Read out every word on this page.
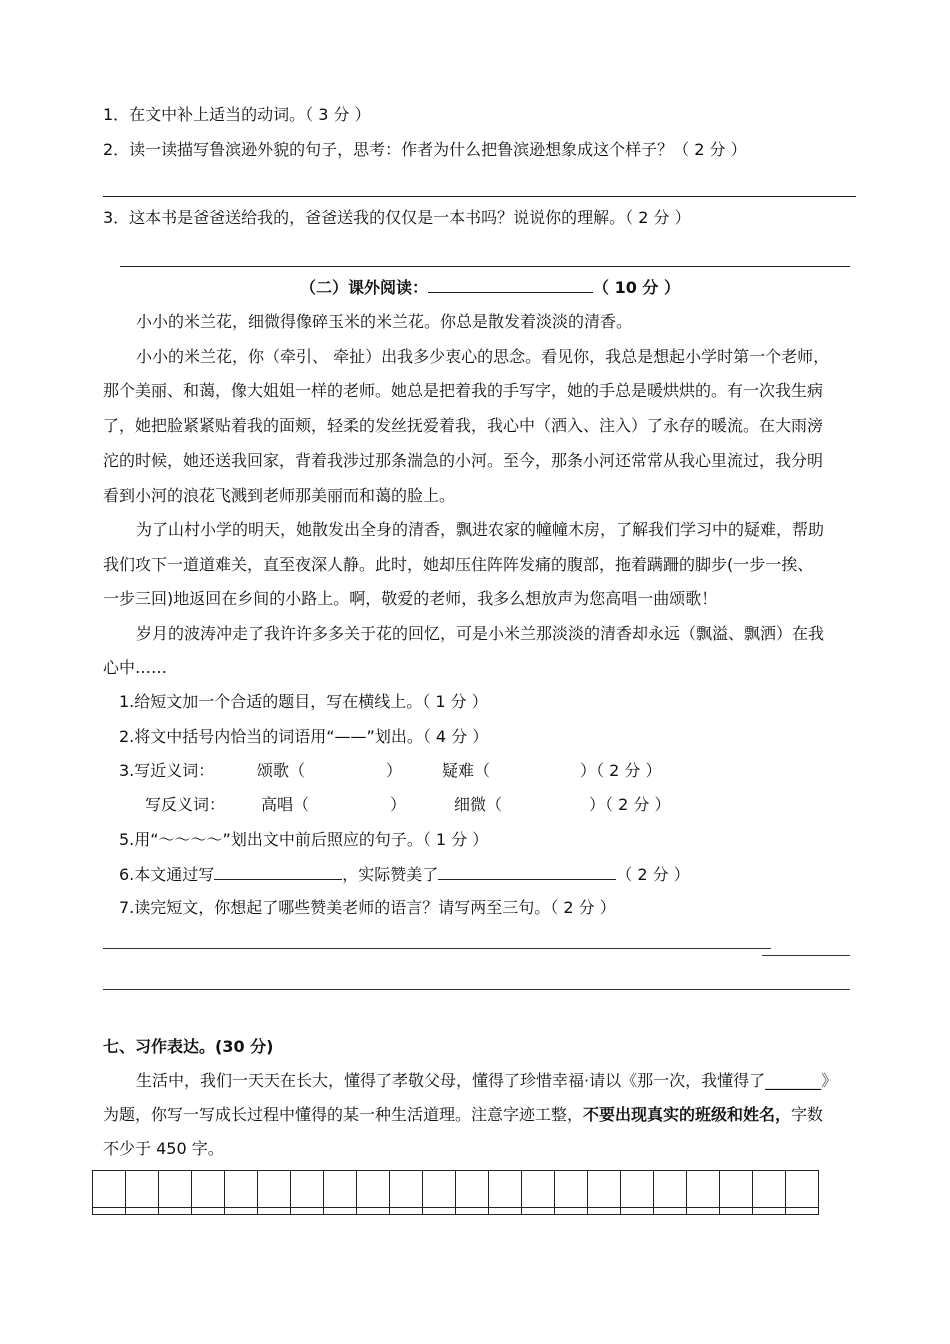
1．在文中补上适当的动词。（ 3 分 ）
2．读一读描写鲁滨逊外貌的句子，思考：作者为什么把鲁滨逊想象成这个样子？（ 2 分 ）
3．这本书是爸爸送给我的，爸爸送我的仅仅是一本书吗？说说你的理解。（ 2 分 ）
（二）课外阅读：	（ 10 分 ）
小小的米兰花，细微得像碎玉米的米兰花。你总是散发着淡淡的清香。
小小的米兰花，你（牵引、 牵扯）出我多少衷心的思念。看见你，我总是想起小学时第一个老师，
那个美丽、和蔼，像大姐姐一样的老师。她总是把着我的手写字，她的手总是暖烘烘的。有一次我生病
了，她把脸紧紧贴着我的面颊，轻柔的发丝抚爱着我，我心中（洒入、注入）了永存的暖流。在大雨滂
沱的时候，她还送我回家，背着我涉过那条湍急的小河。至今，那条小河还常常从我心里流过，我分明
看到小河的浪花飞溅到老师那美丽而和蔼的脸上。
为了山村小学的明天，她散发出全身的清香，飘进农家的幢幢木房，了解我们学习中的疑难，帮助
我们攻下一道道难关，直至夜深人静。此时，她却压住阵阵发痛的腹部，拖着蹒跚的脚步(一步一挨、
一步三回)地返回在乡间的小路上。啊，敬爱的老师，我多么想放声为您高唱一曲颂歌！
岁月的波涛冲走了我许许多多关于花的回忆，可是小米兰那淡淡的清香却永远（飘溢、飘洒）在我
心中……
1.给短文加一个合适的题目，写在横线上。（ 1 分 ）
2.将文中括号内恰当的词语用“——”划出。（ 4 分 ）
3.写近义词：	颂歌（	） 疑难（	）（ 2 分 ）
写反义词： 高唱（	）	细微（	）（ 2 分 ）
5.用“～～～～”划出文中前后照应的句子。（ 1 分 ）
6.本文通过写	，实际赞美了	（ 2 分 ）
7.读完短文，你想起了哪些赞美老师的语言？请写两至三句。（ 2 分 ）
七、习作表达。(30 分)
生活中，我们一天天在长大，懂得了孝敬父母，懂得了珍惜幸福·请以《那一次，我懂得了_______》
为题，你写一写成长过程中懂得的某一种生活道理。注意字迹工整，不要出现真实的班级和姓名，字数
不少于 450 字。
